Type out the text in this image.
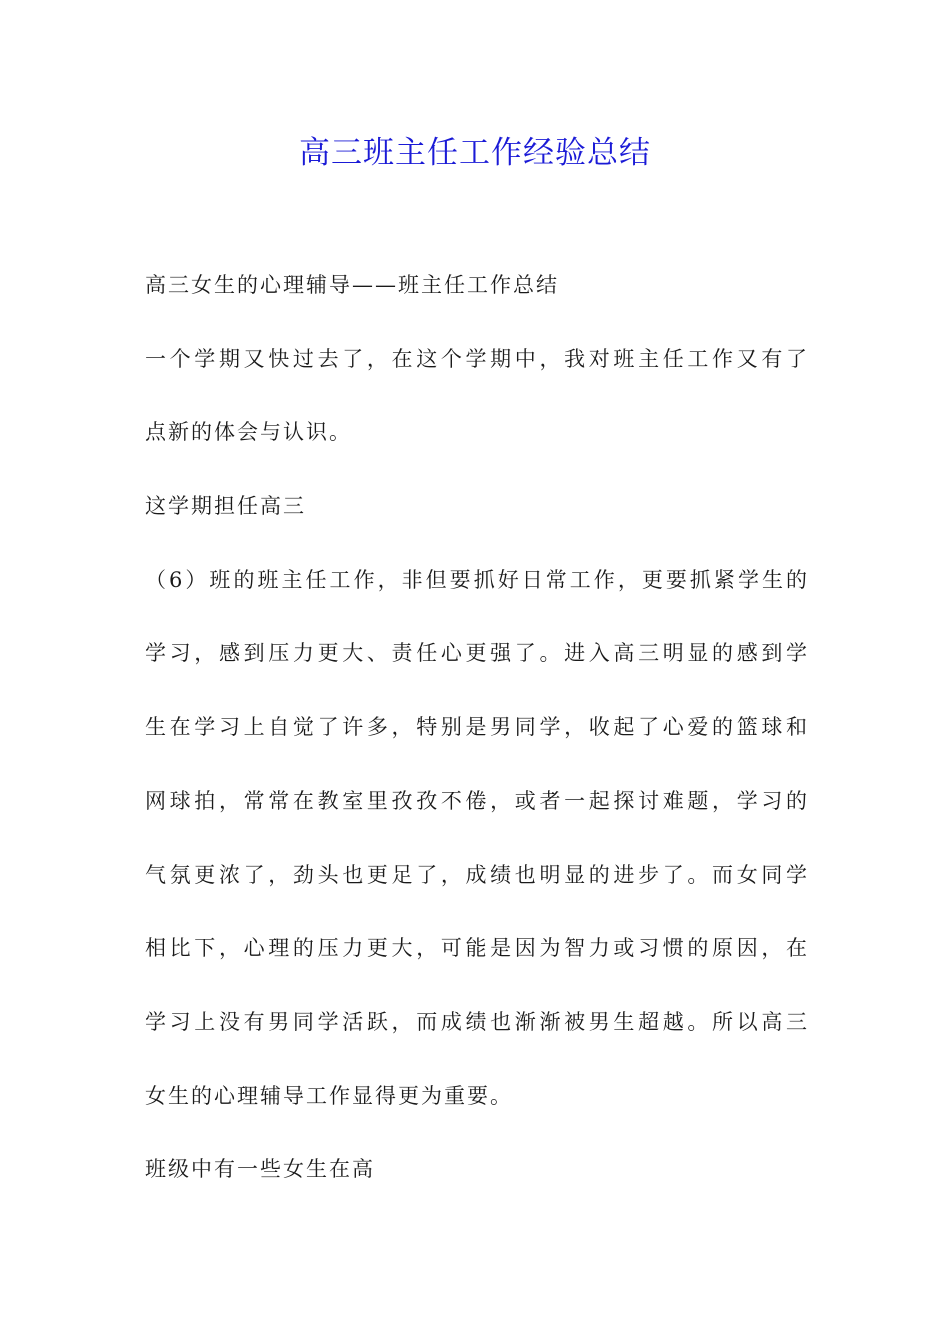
高三班主任工作经验总结
高三女生的心理辅导——班主任工作总结
一个学期又快过去了，在这个学期中，我对班主任工作又有了
点新的体会与认识。
这学期担任高三
（6）班的班主任工作，非但要抓好日常工作，更要抓紧学生的
学习，感到压力更大、责任心更强了。进入高三明显的感到学
生在学习上自觉了许多，特别是男同学，收起了心爱的篮球和
网球拍，常常在教室里孜孜不倦，或者一起探讨难题，学习的
气氛更浓了，劲头也更足了，成绩也明显的进步了。而女同学
相比下，心理的压力更大，可能是因为智力或习惯的原因，在
学习上没有男同学活跃，而成绩也渐渐被男生超越。所以高三
女生的心理辅导工作显得更为重要。
班级中有一些女生在高
